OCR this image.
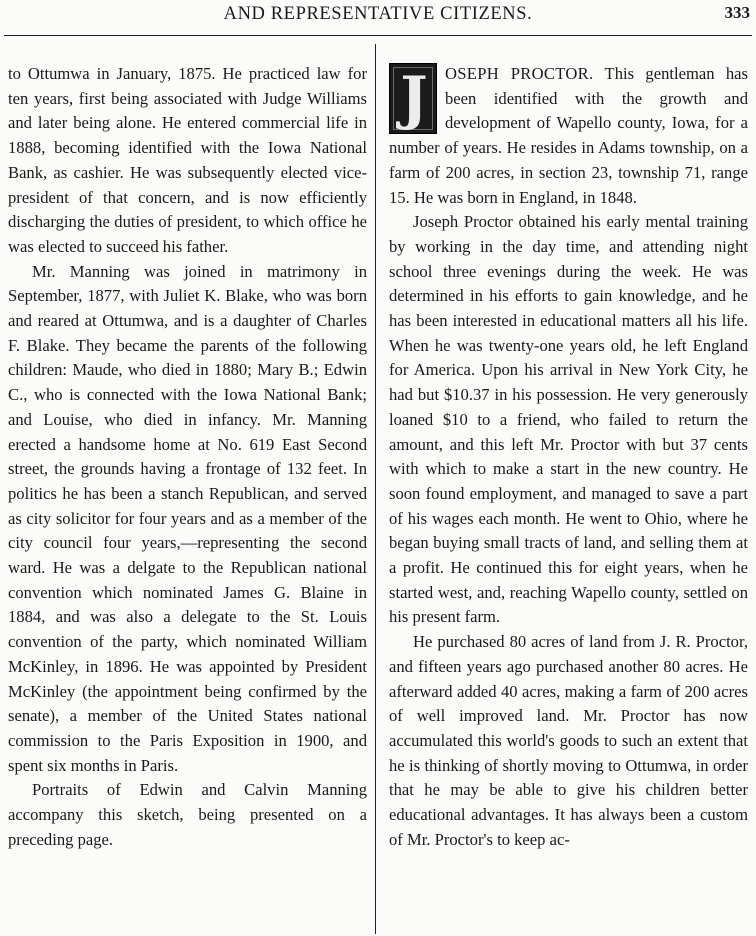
AND REPRESENTATIVE CITIZENS.	333

to Ottumwa in January, 1875. He practiced law for ten years, first being associated with Judge Williams and later being alone. He entered commercial life in 1888, becoming identified with the Iowa National Bank, as cashier. He was subsequently elected vice-president of that concern, and is now efficiently discharging the duties of president, to which office he was elected to succeed his father.

Mr. Manning was joined in matrimony in September, 1877, with Juliet K. Blake, who was born and reared at Ottumwa, and is a daughter of Charles F. Blake. They became the parents of the following children: Maude, who died in 1880; Mary B.; Edwin C., who is connected with the Iowa National Bank; and Louise, who died in infancy. Mr. Manning erected a handsome home at No. 619 East Second street, the grounds having a frontage of 132 feet. In politics he has been a stanch Republican, and served as city solicitor for four years and as a member of the city council four years,—representing the second ward. He was a delgate to the Republican national convention which nominated James G. Blaine in 1884, and was also a delegate to the St. Louis convention of the party, which nominated William McKinley, in 1896. He was appointed by President McKinley (the appointment being confirmed by the senate), a member of the United States national commission to the Paris Exposition in 1900, and spent six months in Paris.

Portraits of Edwin and Calvin Manning accompany this sketch, being presented on a preceding page.

J	OSEPH PROCTOR. This gentleman has been identified with the growth and development of Wapello county, Iowa, for a number of years. He resides in Adams township, on a farm of 200 acres, in section 23, township 71, range 15. He was born in England, in 1848.

Joseph Proctor obtained his early mental training by working in the day time, and attending night school three evenings during the week. He was determined in his efforts to gain knowledge, and he has been interested in educational matters all his life. When he was twenty-one years old, he left England for America. Upon his arrival in New York City, he had but $10.37 in his possession. He very generously loaned $10 to a friend, who failed to return the amount, and this left Mr. Proctor with but 37 cents with which to make a start in the new country. He soon found employment, and managed to save a part of his wages each month. He went to Ohio, where he began buying small tracts of land, and selling them at a profit. He continued this for eight years, when he started west, and, reaching Wapello county, settled on his present farm.

He purchased 80 acres of land from J. R. Proctor, and fifteen years ago purchased another 80 acres. He afterward added 40 acres, making a farm of 200 acres of well improved land. Mr. Proctor has now accumulated this world's goods to such an extent that he is thinking of shortly moving to Ottumwa, in order that he may be able to give his children better educational advantages. It has always been a custom of Mr. Proctor's to keep ac-
